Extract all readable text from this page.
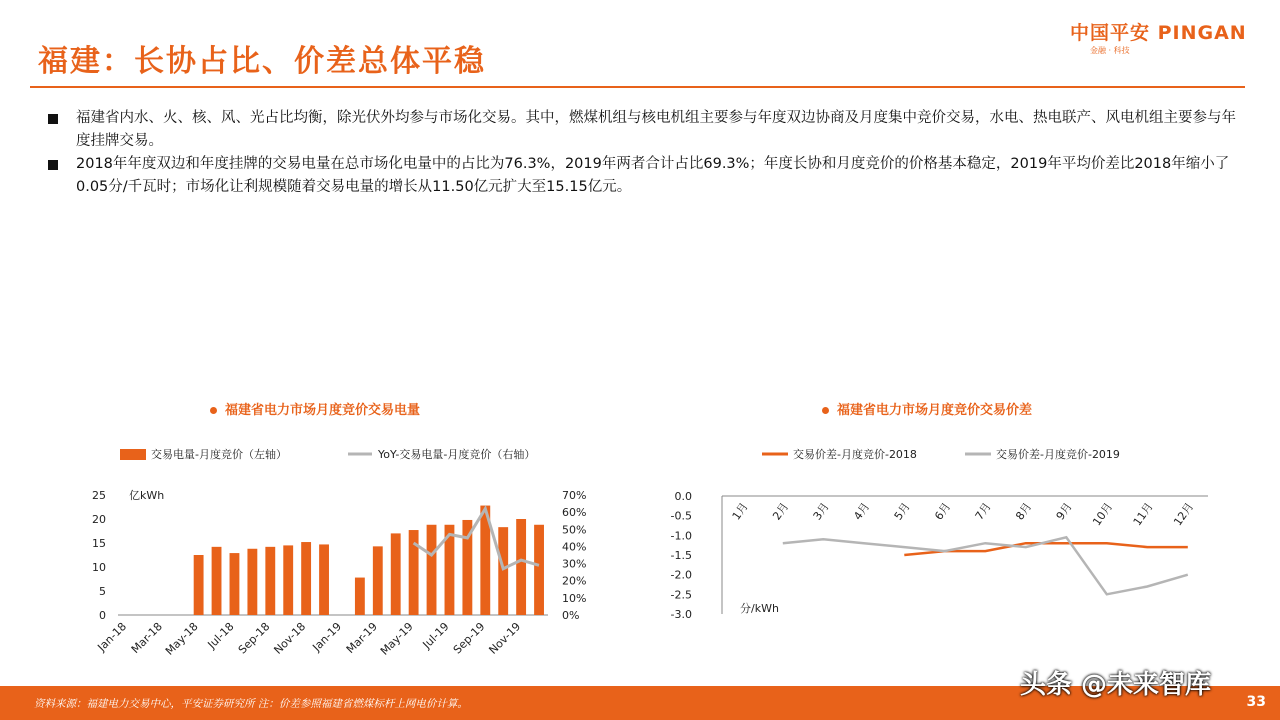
福建：长协占比、价差总体平稳
中国平安 PINGAN
金融 · 科技
福建省内水、火、核、风、光占比均衡，除光伏外均参与市场化交易。其中，燃煤机组与核电机组主要参与年度双边协商及月度集中竞价交易，水电、热电联产、风电机组主要参与年度挂牌交易。
2018年年度双边和年度挂牌的交易电量在总市场化电量中的占比为76.3%，2019年两者合计占比69.3%；年度长协和月度竞价的价格基本稳定，2019年平均价差比2018年缩小了0.05分/千瓦时；市场化让利规模随着交易电量的增长从11.50亿元扩大至15.15亿元。
福建省电力市场月度竞价交易电量	福建省电力市场月度竞价交易价差
交易电量-月度竞价（左轴）	YoY-交易电量-月度竞价（右轴）
亿kWh
0
5
10
15
20
25
0%
10%
20%
30%
40%
50%
60%
70%
Jan-18 Mar-18
May-18 Jul-18 Sep-18
Nov-18 Jan-19 Mar-19
May-19 Jul-19 Sep-19
Nov-19
交易价差-月度竞价-2018	交易价差-月度竞价-2019
0.0
-0.5
-1.0
-1.5
-2.0
-2.5
-3.0	分/kWh
1月 2月 3月 4月 5月 6月 7月 8月 9月 10月 11月 12月
资料来源：福建电力交易中心，平安证券研究所 注：价差参照福建省燃煤标杆上网电价计算。	33
头条 @未来智库
